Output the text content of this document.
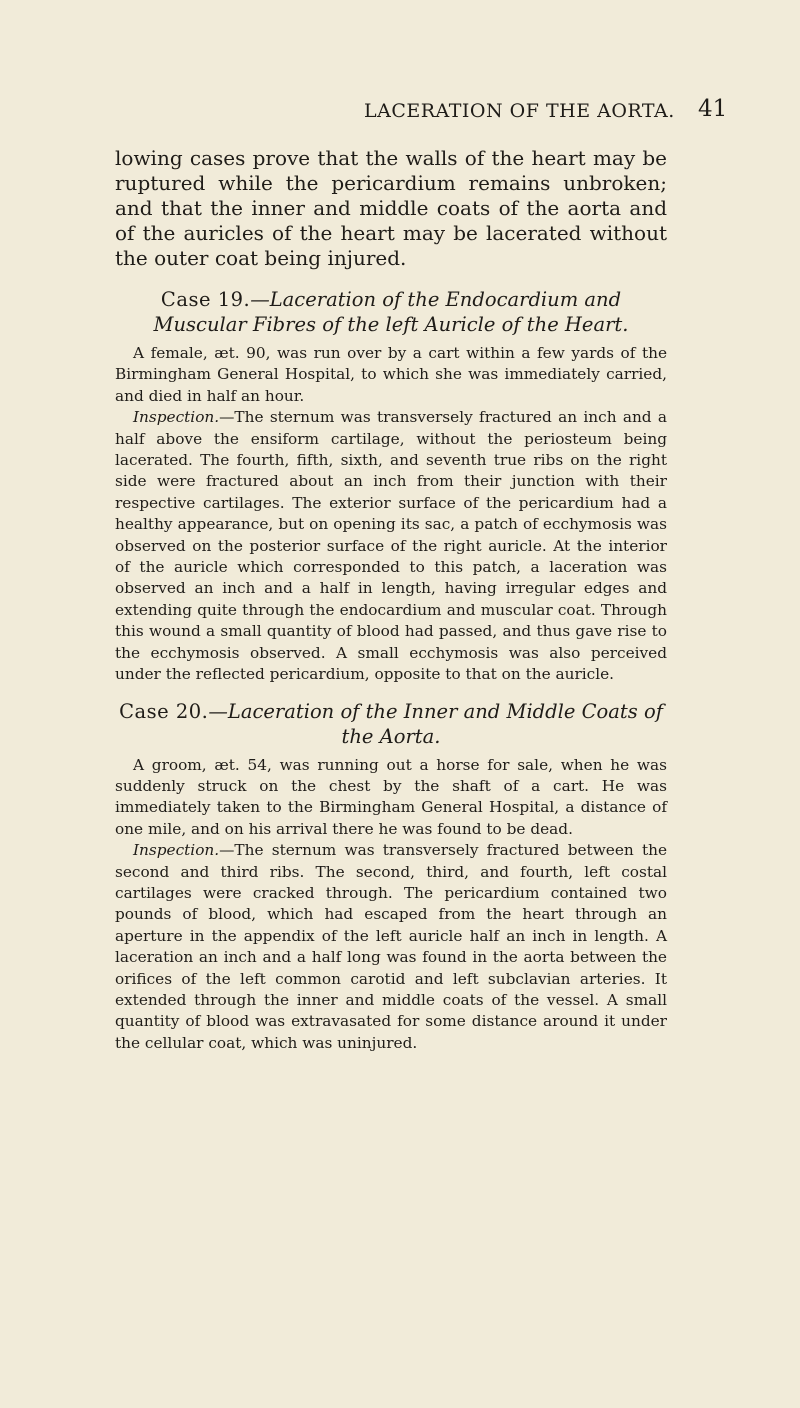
LACERATION OF THE AORTA. 41

lowing cases prove that the walls of the heart may be ruptured while the pericardium remains unbroken; and that the inner and middle coats of the aorta and of the auricles of the heart may be lacerated without the outer coat being injured.

Case 19.—Laceration of the Endocardium and Muscular Fibres of the left Auricle of the Heart.

A female, æt. 90, was run over by a cart within a few yards of the Birmingham General Hospital, to which she was immediately carried, and died in half an hour.

Inspection.—The sternum was transversely fractured an inch and a half above the ensiform cartilage, without the periosteum being lacerated. The fourth, fifth, sixth, and seventh true ribs on the right side were fractured about an inch from their junction with their respective cartilages. The exterior surface of the pericardium had a healthy appearance, but on opening its sac, a patch of ecchymosis was observed on the posterior surface of the right auricle. At the interior of the auricle which corresponded to this patch, a laceration was observed an inch and a half in length, having irregular edges and extending quite through the endocardium and muscular coat. Through this wound a small quantity of blood had passed, and thus gave rise to the ecchymosis observed. A small ecchymosis was also perceived under the reflected pericardium, opposite to that on the auricle.

Case 20.—Laceration of the Inner and Middle Coats of the Aorta.

A groom, æt. 54, was running out a horse for sale, when he was suddenly struck on the chest by the shaft of a cart. He was immediately taken to the Birmingham General Hospital, a distance of one mile, and on his arrival there he was found to be dead.

Inspection.—The sternum was transversely fractured between the second and third ribs. The second, third, and fourth, left costal cartilages were cracked through. The pericardium contained two pounds of blood, which had escaped from the heart through an aperture in the appendix of the left auricle half an inch in length. A laceration an inch and a half long was found in the aorta between the orifices of the left common carotid and left subclavian arteries. It extended through the inner and middle coats of the vessel. A small quantity of blood was extravasated for some distance around it under the cellular coat, which was uninjured.
